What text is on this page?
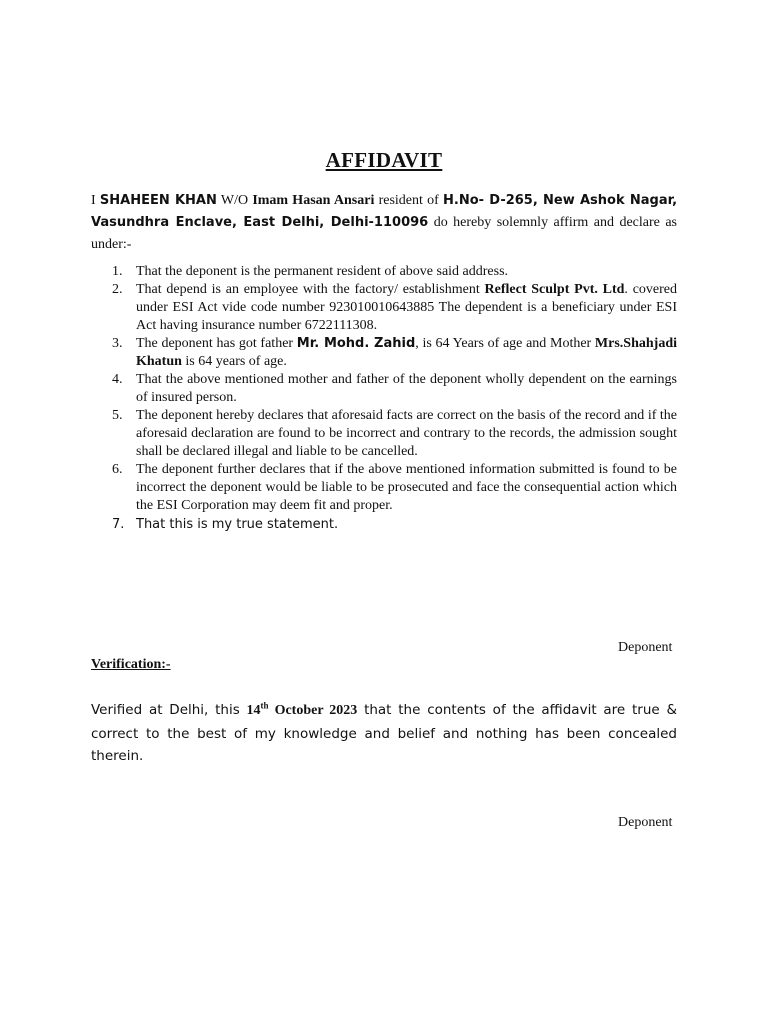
AFFIDAVIT
I SHAHEEN KHAN W/O Imam Hasan Ansari resident of H.No- D-265, New Ashok Nagar, Vasundhra Enclave, East Delhi, Delhi-110096 do hereby solemnly affirm and declare as under:-
1. That the deponent is the permanent resident of above said address.
2. That depend is an employee with the factory/ establishment Reflect Sculpt Pvt. Ltd. covered under ESI Act vide code number 923010010643885 The dependent is a beneficiary under ESI Act having insurance number 6722111308.
3. The deponent has got father Mr. Mohd. Zahid, is 64 Years of age and Mother Mrs.Shahjadi Khatun is 64 years of age.
4. That the above mentioned mother and father of the deponent wholly dependent on the earnings of insured person.
5. The deponent hereby declares that aforesaid facts are correct on the basis of the record and if the aforesaid declaration are found to be incorrect and contrary to the records, the admission sought shall be declared illegal and liable to be cancelled.
6. The deponent further declares that if the above mentioned information submitted is found to be incorrect the deponent would be liable to be prosecuted and face the consequential action which the ESI Corporation may deem fit and proper.
7. That this is my true statement.
Deponent
Verification:-
Verified at Delhi, this 14th October 2023 that the contents of the affidavit are true & correct to the best of my knowledge and belief and nothing has been concealed therein.
Deponent
